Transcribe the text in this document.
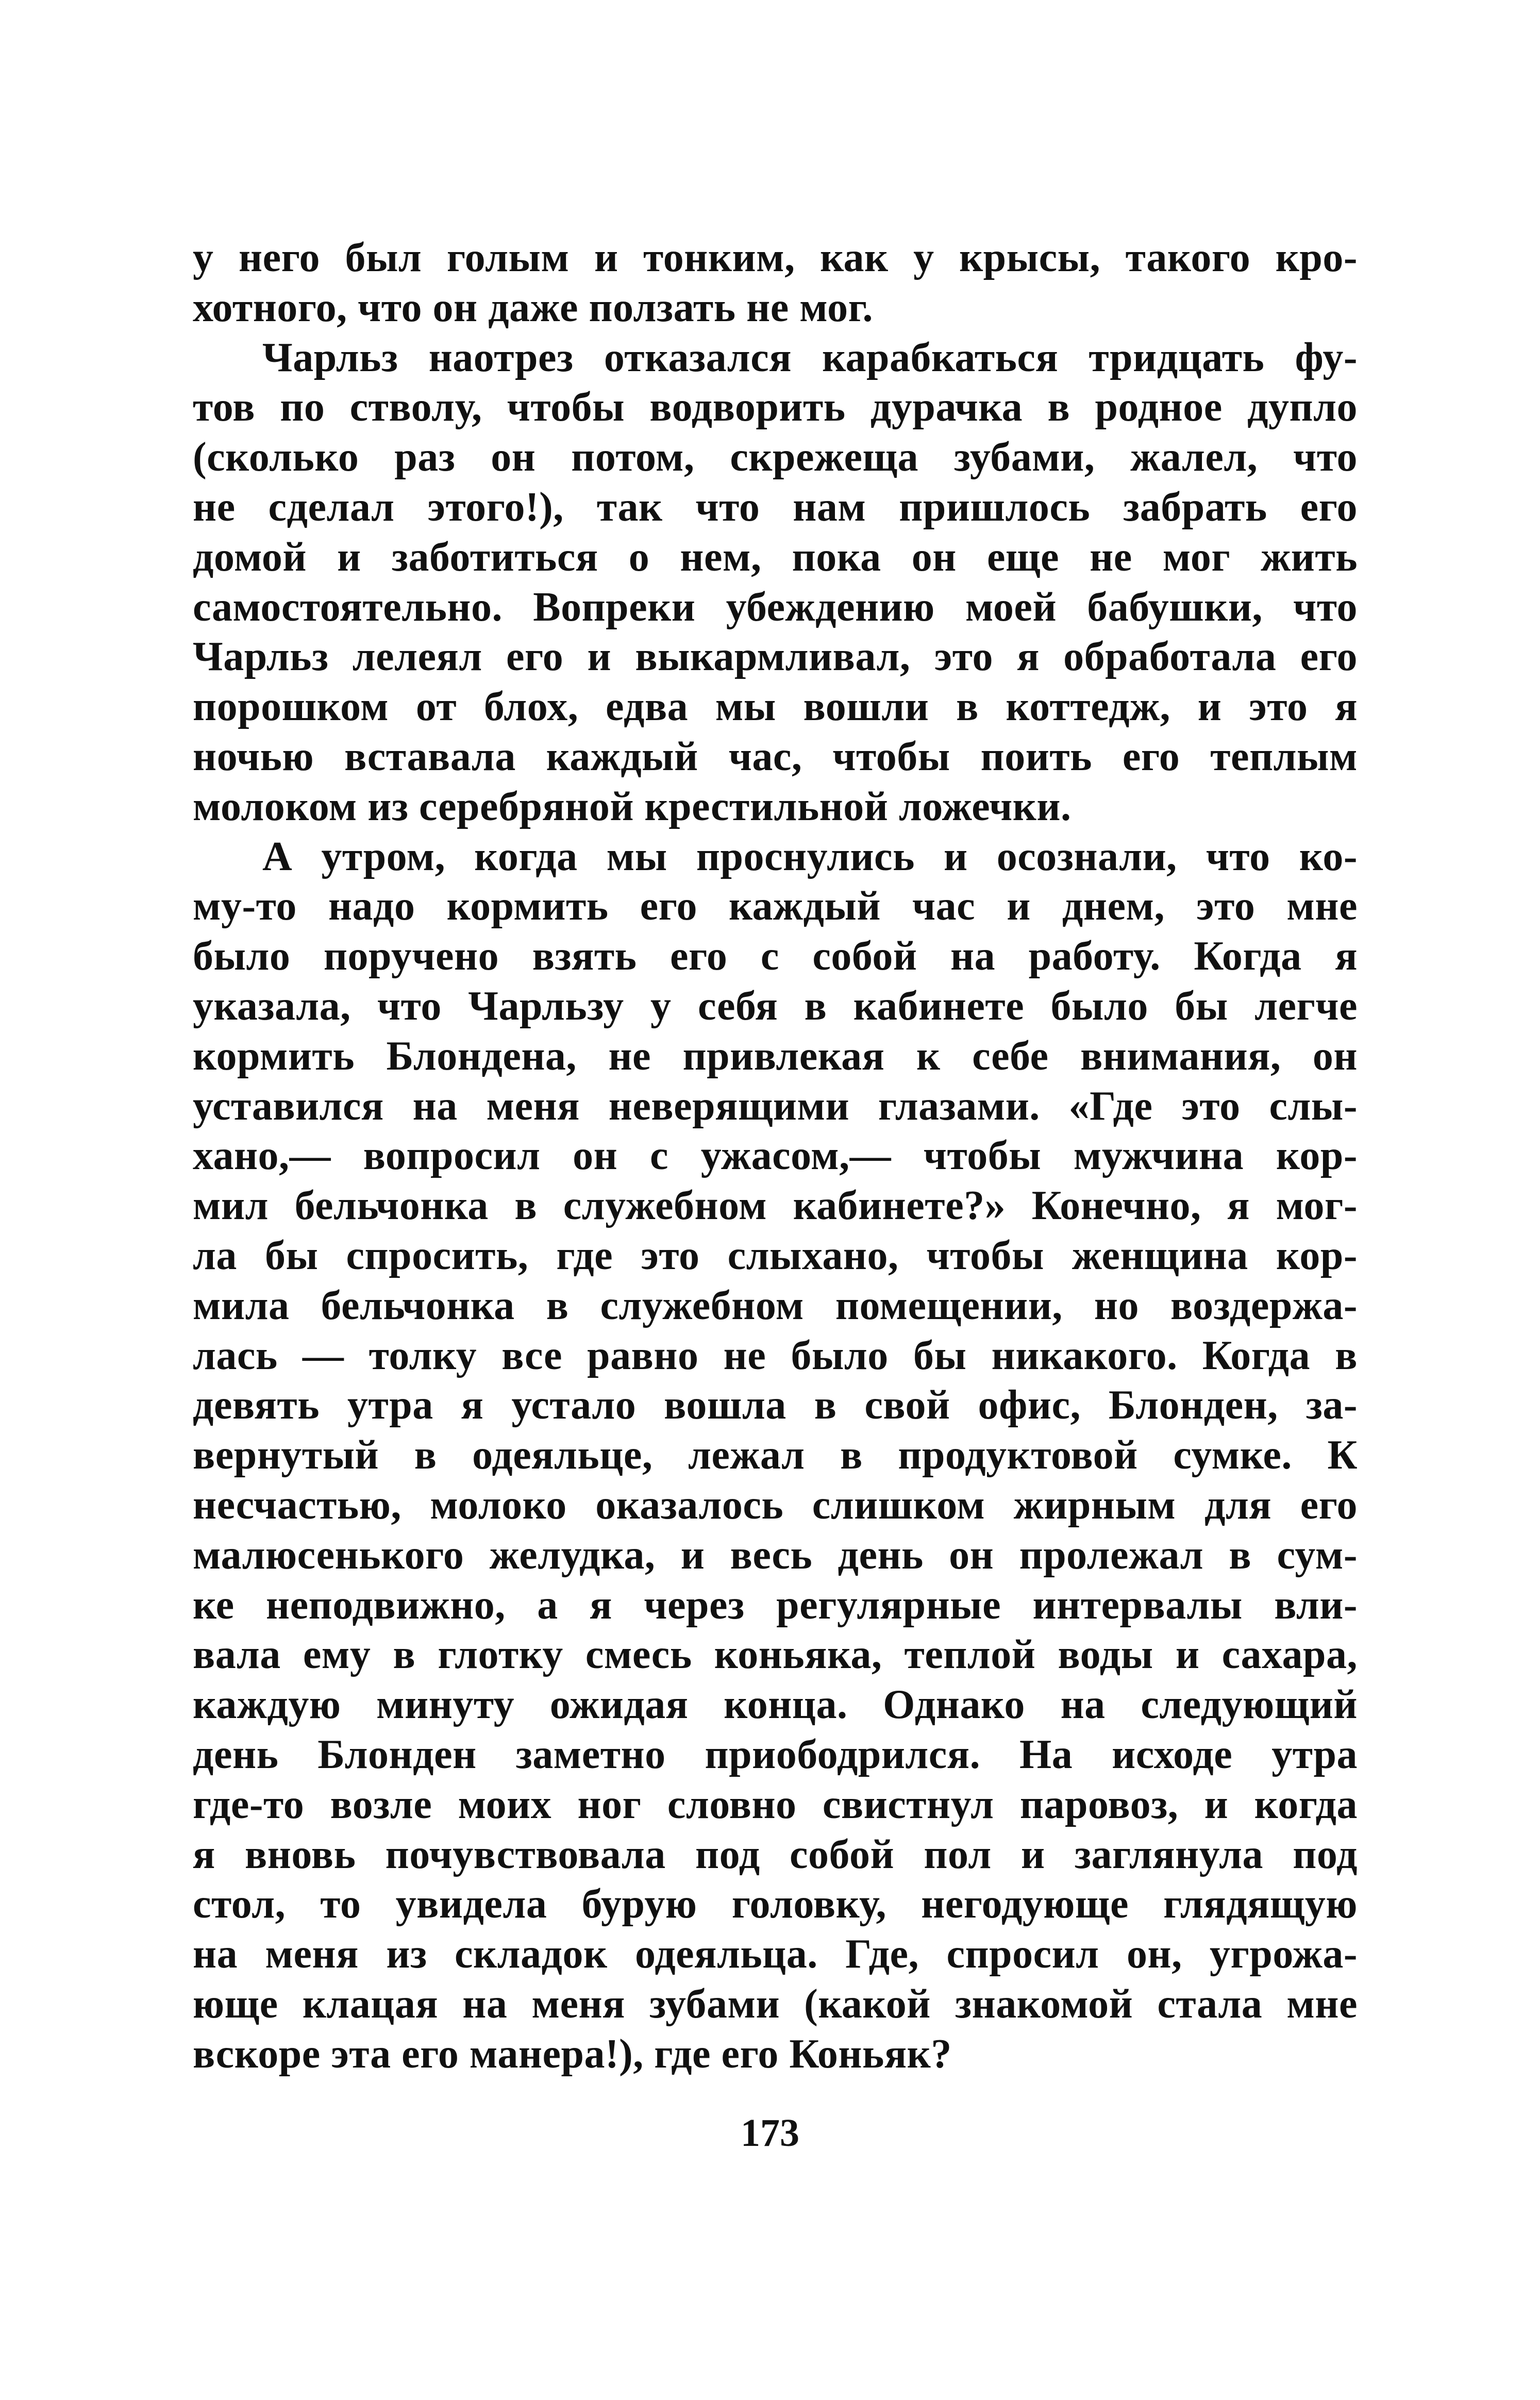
у него был голым и тонким, как у крысы, такого кро-
хотного, что он даже ползать не мог.
Чарльз наотрез отказался карабкаться тридцать фу-
тов по стволу, чтобы водворить дурачка в родное дупло
(сколько раз он потом, скрежеща зубами, жалел, что
не сделал этого!), так что нам пришлось забрать его
домой и заботиться о нем, пока он еще не мог жить
самостоятельно. Вопреки убеждению моей бабушки, что
Чарльз лелеял его и выкармливал, это я обработала его
порошком от блох, едва мы вошли в коттедж, и это я
ночью вставала каждый час, чтобы поить его теплым
молоком из серебряной крестильной ложечки.
А утром, когда мы проснулись и осознали, что ко-
му-то надо кормить его каждый час и днем, это мне
было поручено взять его с собой на работу. Когда я
указала, что Чарльзу у себя в кабинете было бы легче
кормить Блондена, не привлекая к себе внимания, он
уставился на меня неверящими глазами. «Где это слы-
хано,— вопросил он с ужасом,— чтобы мужчина кор-
мил бельчонка в служебном кабинете?» Конечно, я мог-
ла бы спросить, где это слыхано, чтобы женщина кор-
мила бельчонка в служебном помещении, но воздержа-
лась — толку все равно не было бы никакого. Когда в
девять утра я устало вошла в свой офис, Блонден, за-
вернутый в одеяльце, лежал в продуктовой сумке. К
несчастью, молоко оказалось слишком жирным для его
малюсенького желудка, и весь день он пролежал в сум-
ке неподвижно, а я через регулярные интервалы вли-
вала ему в глотку смесь коньяка, теплой воды и сахара,
каждую минуту ожидая конца. Однако на следующий
день Блонден заметно приободрился. На исходе утра
где-то возле моих ног словно свистнул паровоз, и когда
я вновь почувствовала под собой пол и заглянула под
стол, то увидела бурую головку, негодующе глядящую
на меня из складок одеяльца. Где, спросил он, угрожа-
юще клацая на меня зубами (какой знакомой стала мне
вскоре эта его манера!), где его Коньяк?
173
